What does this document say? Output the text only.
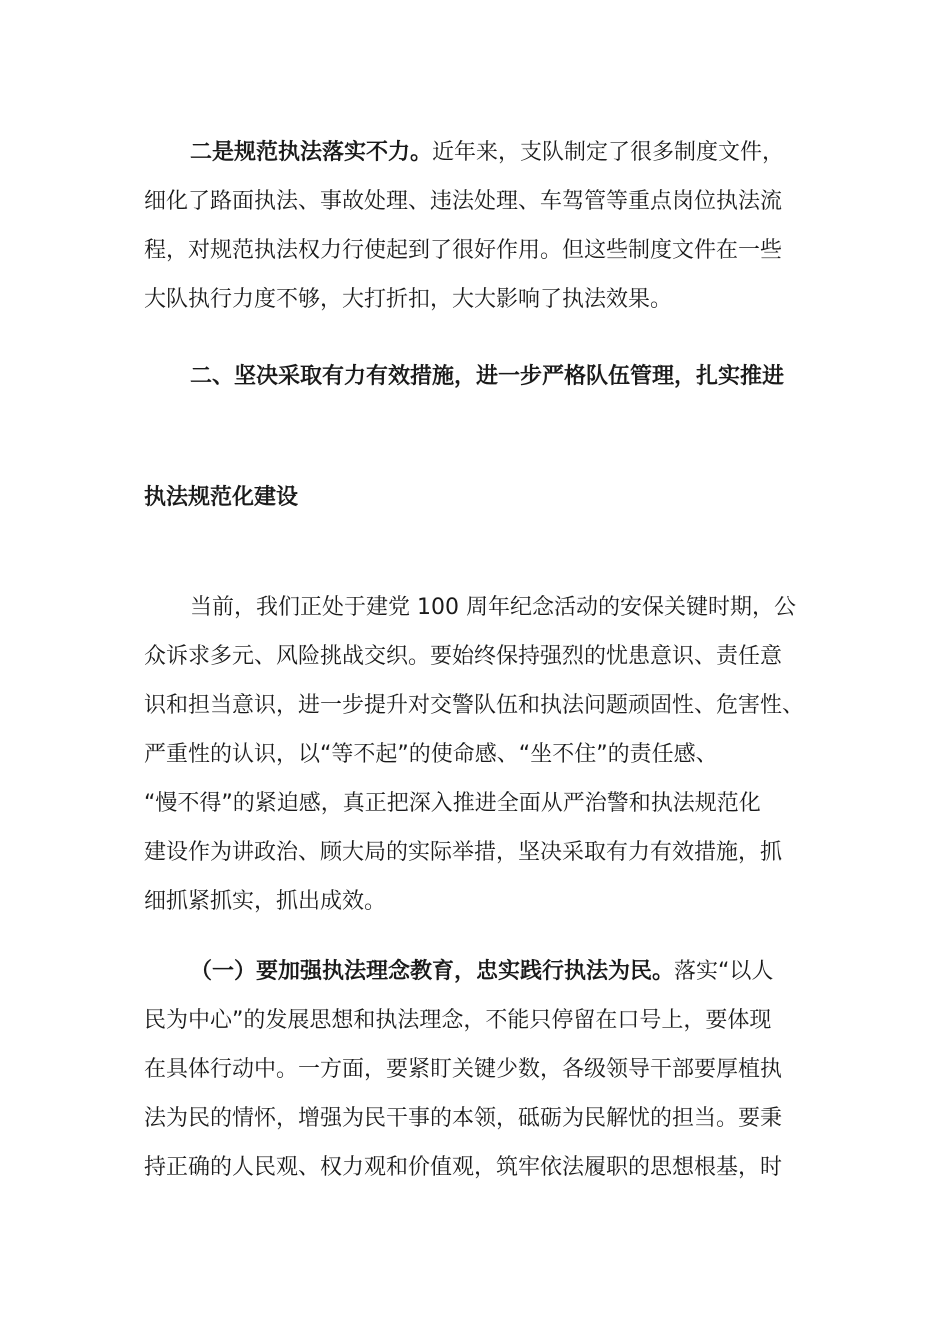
二是规范执法落实不力。近年来，支队制定了很多制度文件，
细化了路面执法、事故处理、违法处理、车驾管等重点岗位执法流
程，对规范执法权力行使起到了很好作用。但这些制度文件在一些
大队执行力度不够，大打折扣，大大影响了执法效果。
二、坚决采取有力有效措施，进一步严格队伍管理，扎实推进
执法规范化建设
当前，我们正处于建党 100 周年纪念活动的安保关键时期，公
众诉求多元、风险挑战交织。要始终保持强烈的忧患意识、责任意
识和担当意识，进一步提升对交警队伍和执法问题顽固性、危害性、
严重性的认识，以“等不起”的使命感、“坐不住”的责任感、
“慢不得”的紧迫感，真正把深入推进全面从严治警和执法规范化
建设作为讲政治、顾大局的实际举措，坚决采取有力有效措施，抓
细抓紧抓实，抓出成效。
（一）要加强执法理念教育，忠实践行执法为民。落实“以人
民为中心”的发展思想和执法理念，不能只停留在口号上，要体现
在具体行动中。一方面，要紧盯关键少数，各级领导干部要厚植执
法为民的情怀，增强为民干事的本领，砥砺为民解忧的担当。要秉
持正确的人民观、权力观和价值观，筑牢依法履职的思想根基，时
